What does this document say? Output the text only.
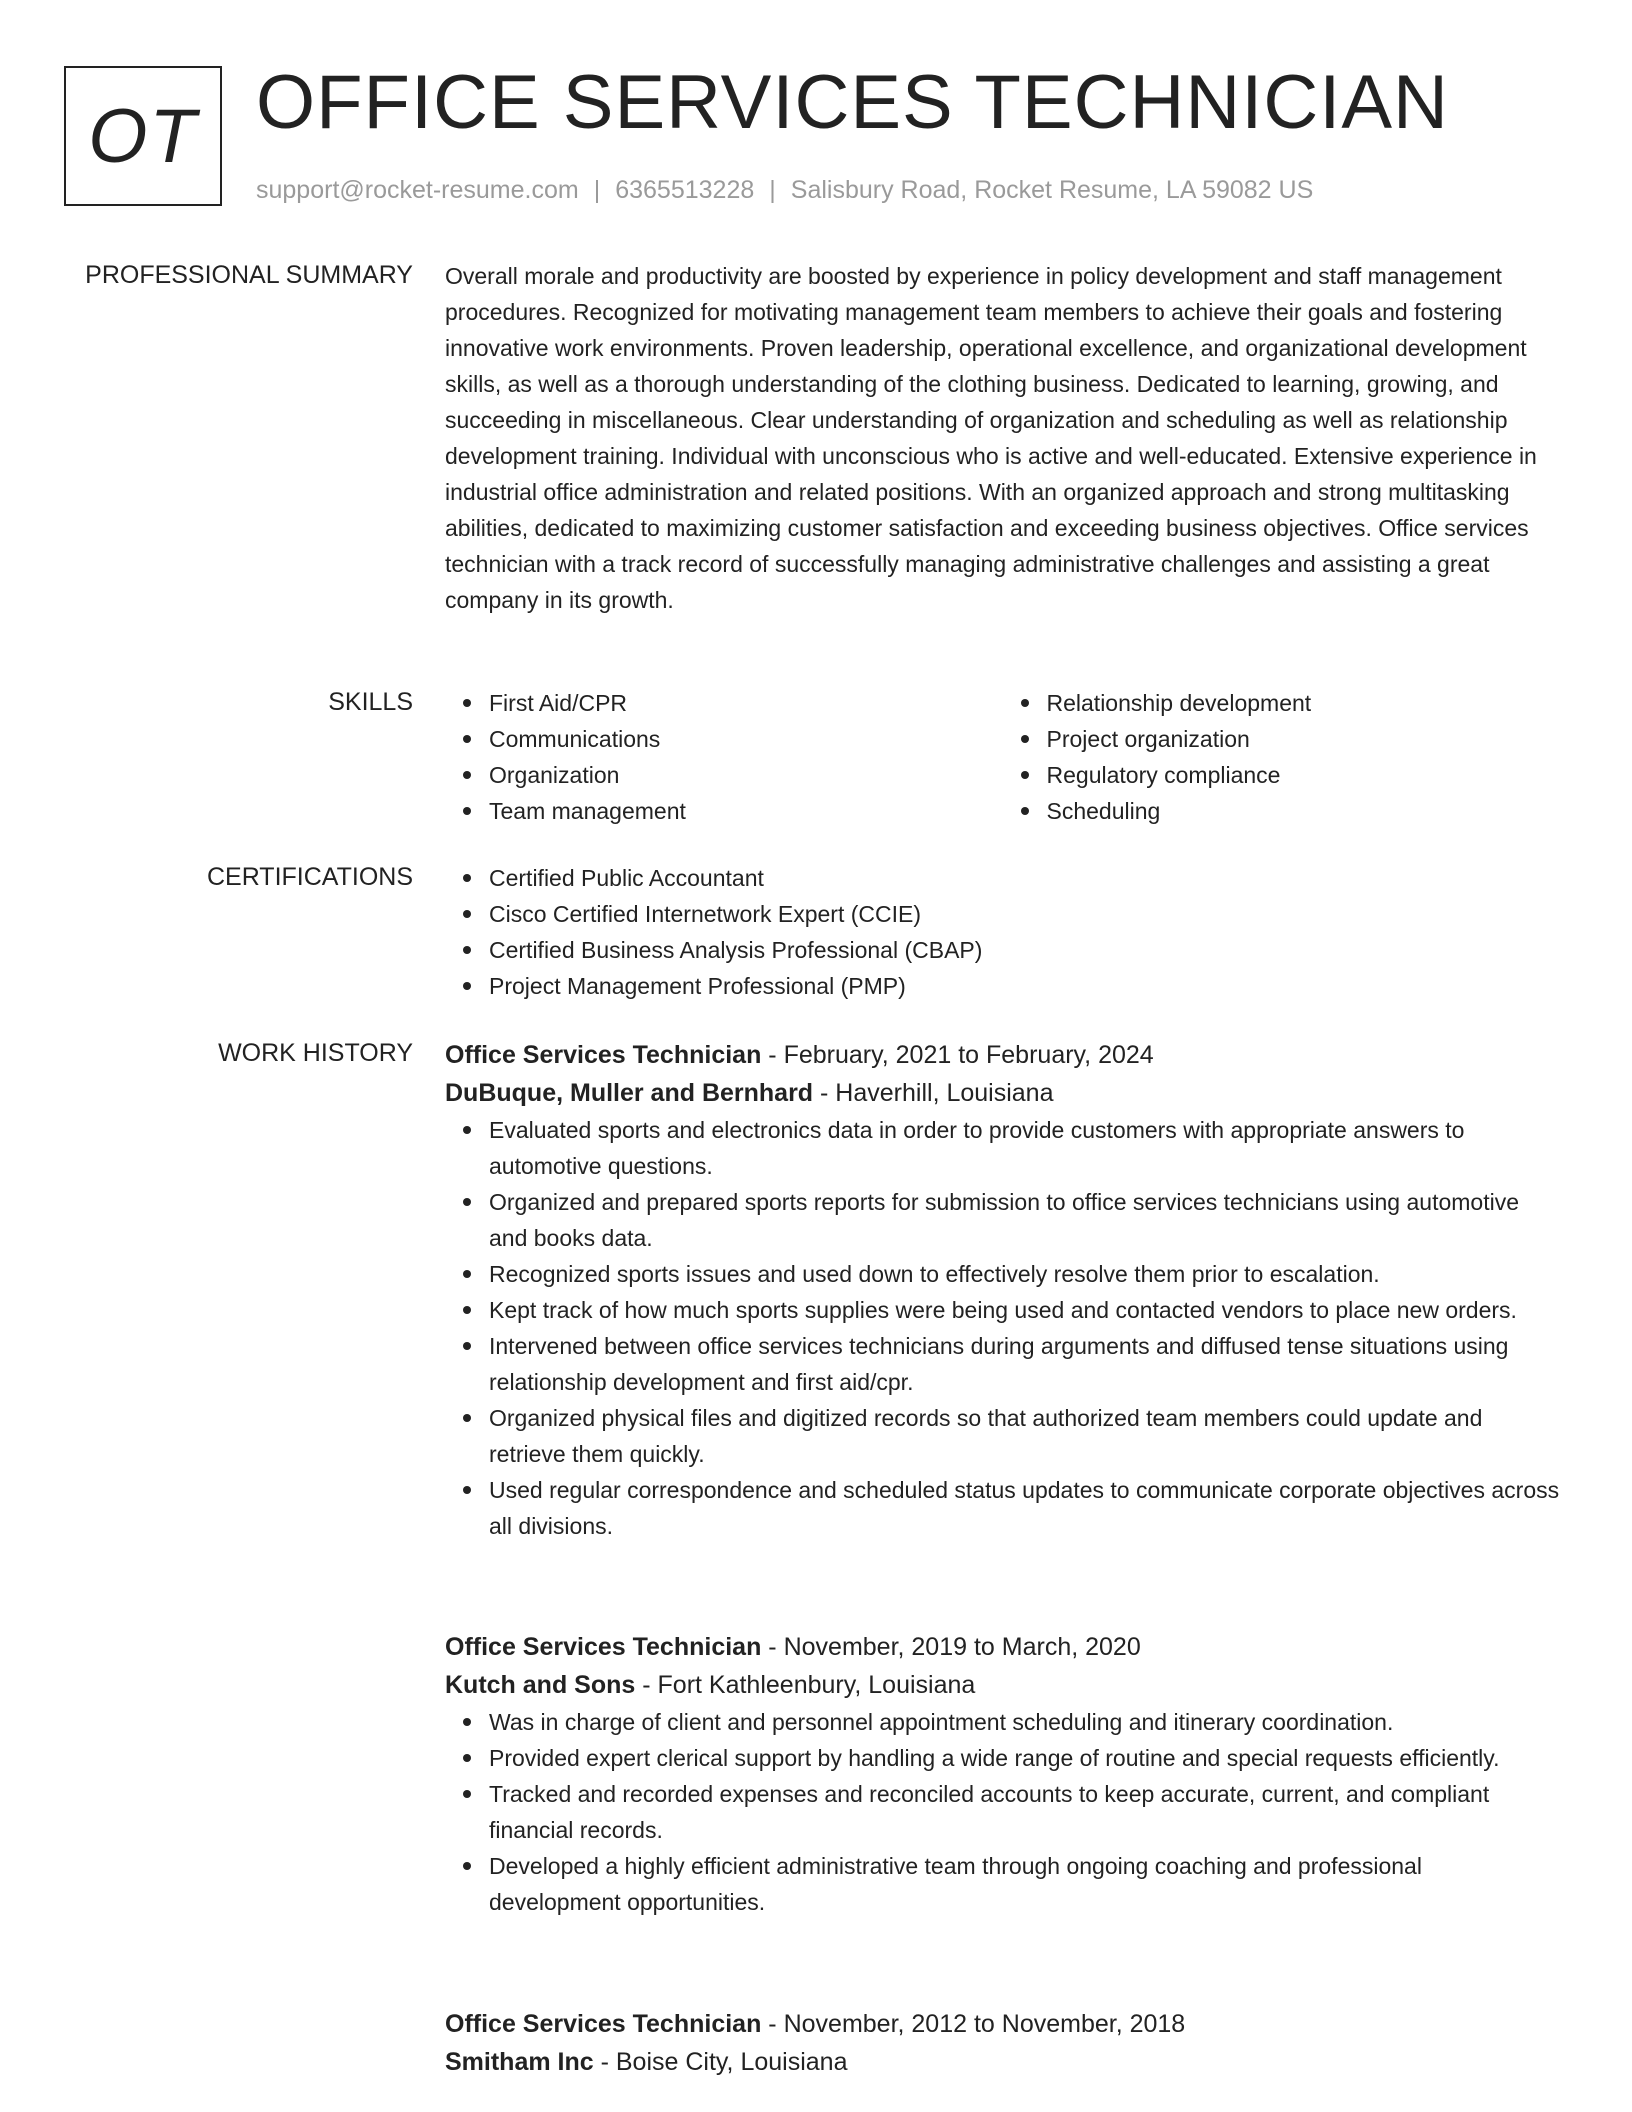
OT OFFICE SERVICES TECHNICIAN
support@rocket-resume.com | 6365513228 | Salisbury Road, Rocket Resume, LA 59082 US
PROFESSIONAL SUMMARY Overall morale and productivity are boosted by experience in policy development and staff management procedures. Recognized for motivating management team members to achieve their goals and fostering innovative work environments. Proven leadership, operational excellence, and organizational development skills, as well as a thorough understanding of the clothing business. Dedicated to learning, growing, and succeeding in miscellaneous. Clear understanding of organization and scheduling as well as relationship development training. Individual with unconscious who is active and well-educated. Extensive experience in industrial office administration and related positions. With an organized approach and strong multitasking abilities, dedicated to maximizing customer satisfaction and exceeding business objectives. Office services technician with a track record of successfully managing administrative challenges and assisting a great company in its growth.

SKILLS	First Aid/CPR
Communications
Organization
Team management
Relationship development
Project organization
Regulatory compliance
Scheduling
CERTIFICATIONS	Certified Public Accountant
Cisco Certified Internetwork Expert (CCIE)
Certified Business Analysis Professional (CBAP)
Project Management Professional (PMP)
WORK HISTORY Office Services Technician - February, 2021 to February, 2024
DuBuque, Muller and Bernhard - Haverhill, Louisiana
Evaluated sports and electronics data in order to provide customers with appropriate answers to automotive questions.
Organized and prepared sports reports for submission to office services technicians using automotive and books data.
Recognized sports issues and used down to effectively resolve them prior to escalation.
Kept track of how much sports supplies were being used and contacted vendors to place new orders.
Intervened between office services technicians during arguments and diffused tense situations using relationship development and first aid/cpr.
Organized physical files and digitized records so that authorized team members could update and retrieve them quickly.
Used regular correspondence and scheduled status updates to communicate corporate objectives across all divisions.
Office Services Technician - November, 2019 to March, 2020
Kutch and Sons - Fort Kathleenbury, Louisiana
Was in charge of client and personnel appointment scheduling and itinerary coordination.
Provided expert clerical support by handling a wide range of routine and special requests efficiently.
Tracked and recorded expenses and reconciled accounts to keep accurate, current, and compliant financial records.
Developed a highly efficient administrative team through ongoing coaching and professional development opportunities.
Office Services Technician - November, 2012 to November, 2018
Smitham Inc - Boise City, Louisiana
